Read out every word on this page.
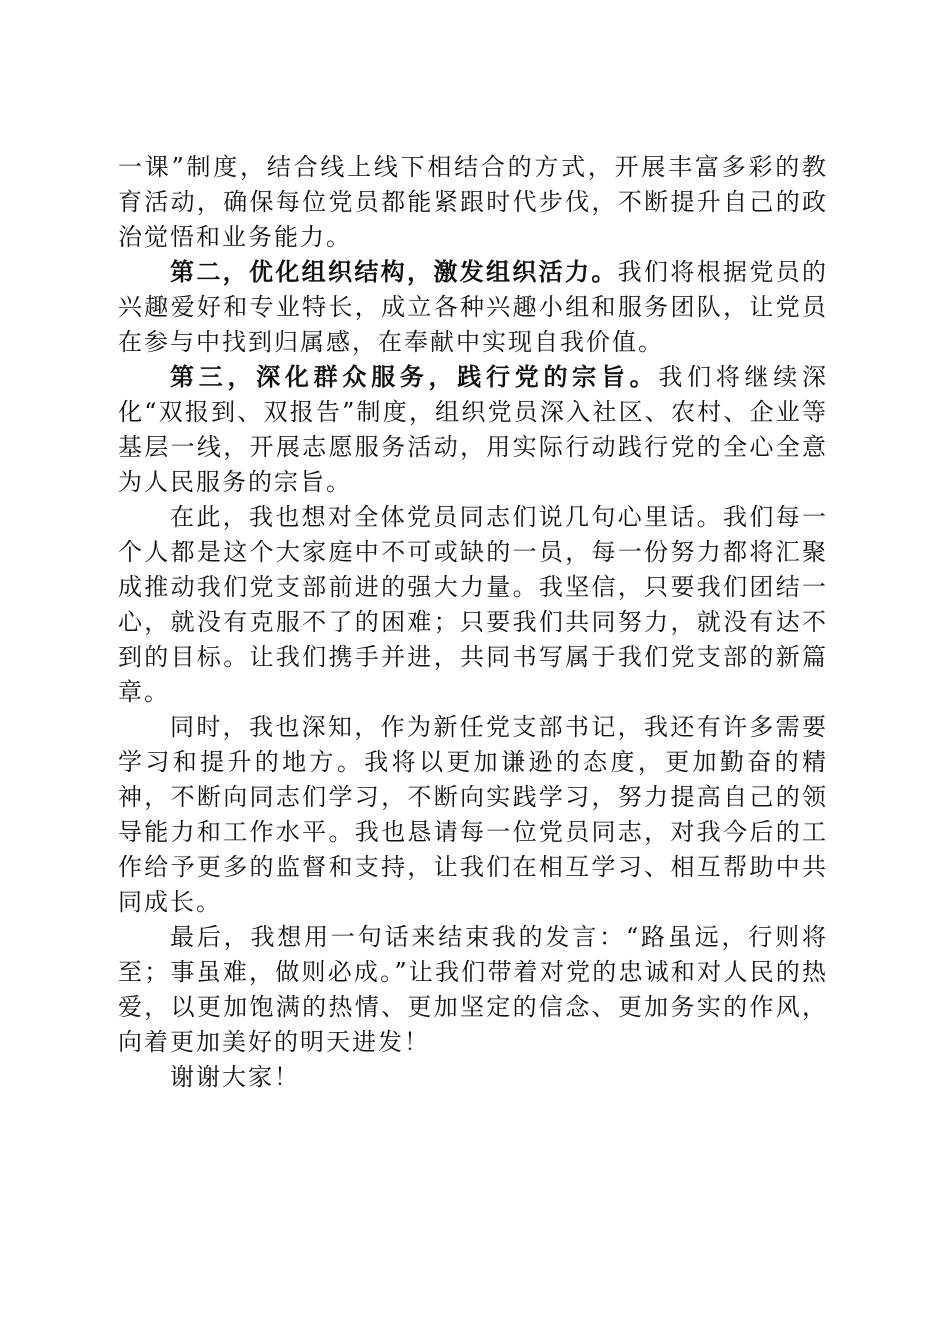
一课”制度，结合线上线下相结合的方式，开展丰富多彩的教育活动，确保每位党员都能紧跟时代步伐，不断提升自己的政治觉悟和业务能力。

第二，优化组织结构，激发组织活力。我们将根据党员的兴趣爱好和专业特长，成立各种兴趣小组和服务团队，让党员在参与中找到归属感，在奉献中实现自我价值。

第三，深化群众服务，践行党的宗旨。我们将继续深化“双报到、双报告”制度，组织党员深入社区、农村、企业等基层一线，开展志愿服务活动，用实际行动践行党的全心全意为人民服务的宗旨。

在此，我也想对全体党员同志们说几句心里话。我们每一个人都是这个大家庭中不可或缺的一员，每一份努力都将汇聚成推动我们党支部前进的强大力量。我坚信，只要我们团结一心，就没有克服不了的困难；只要我们共同努力，就没有达不到的目标。让我们携手并进，共同书写属于我们党支部的新篇章。

同时，我也深知，作为新任党支部书记，我还有许多需要学习和提升的地方。我将以更加谦逊的态度，更加勤奋的精神，不断向同志们学习，不断向实践学习，努力提高自己的领导能力和工作水平。我也恳请每一位党员同志，对我今后的工作给予更多的监督和支持，让我们在相互学习、相互帮助中共同成长。

最后，我想用一句话来结束我的发言：“路虽远，行则将至；事虽难，做则必成。”让我们带着对党的忠诚和对人民的热爱，以更加饱满的热情、更加坚定的信念、更加务实的作风，向着更加美好的明天进发！

谢谢大家！
